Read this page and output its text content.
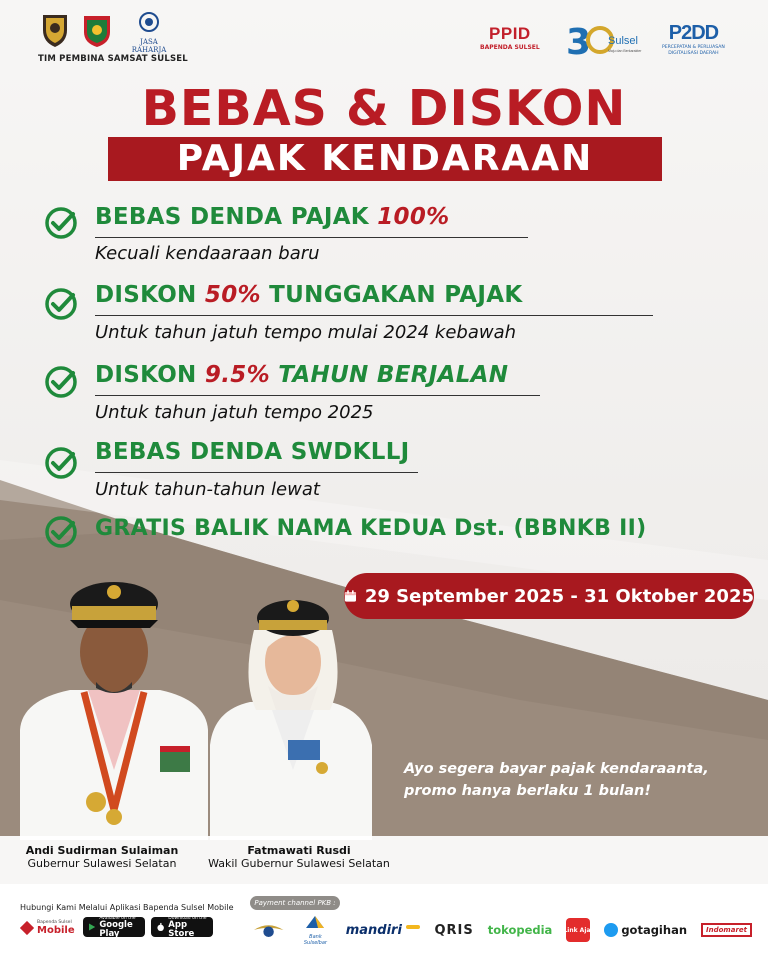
JASA RAHARJA
TIM PEMBINA SAMSAT SULSEL
PPID
BAPENDA SULSEL 3 Sulsel
Maju dan Berkarakter
P2DD
PERCEPATAN & PERLUASAN
DIGITALISASI DAERAH
BEBAS & DISKON
PAJAK KENDARAAN
BEBAS DENDA PAJAK 100%
Kecuali kendaaraan baru
DISKON 50% TUNGGAKAN PAJAK
Untuk tahun jatuh tempo mulai 2024 kebawah
DISKON 9.5% TAHUN BERJALAN
Untuk tahun jatuh tempo 2025
BEBAS DENDA SWDKLLJ
Untuk tahun-tahun lewat
GRATIS BALIK NAMA KEDUA Dst. (BBNKB II)
29 September 2025 - 31 Oktober 2025
Ayo segera bayar pajak kendaraanta,
promo hanya berlaku 1 bulan!
Andi Sudirman Sulaiman
Gubernur Sulawesi Selatan
Fatmawati Rusdi
Wakil Gubernur Sulawesi Selatan
Hubungi Kami Melalui Aplikasi Bapenda Sulsel Mobile
Bapenda Sulsel
Mobile
Available on the
Google Play
Download on the
App Store
Payment channel PKB :
Bank Sulselbar
mandiri	QRIS tokopedia Link Aja! gotagihan	Indomaret
